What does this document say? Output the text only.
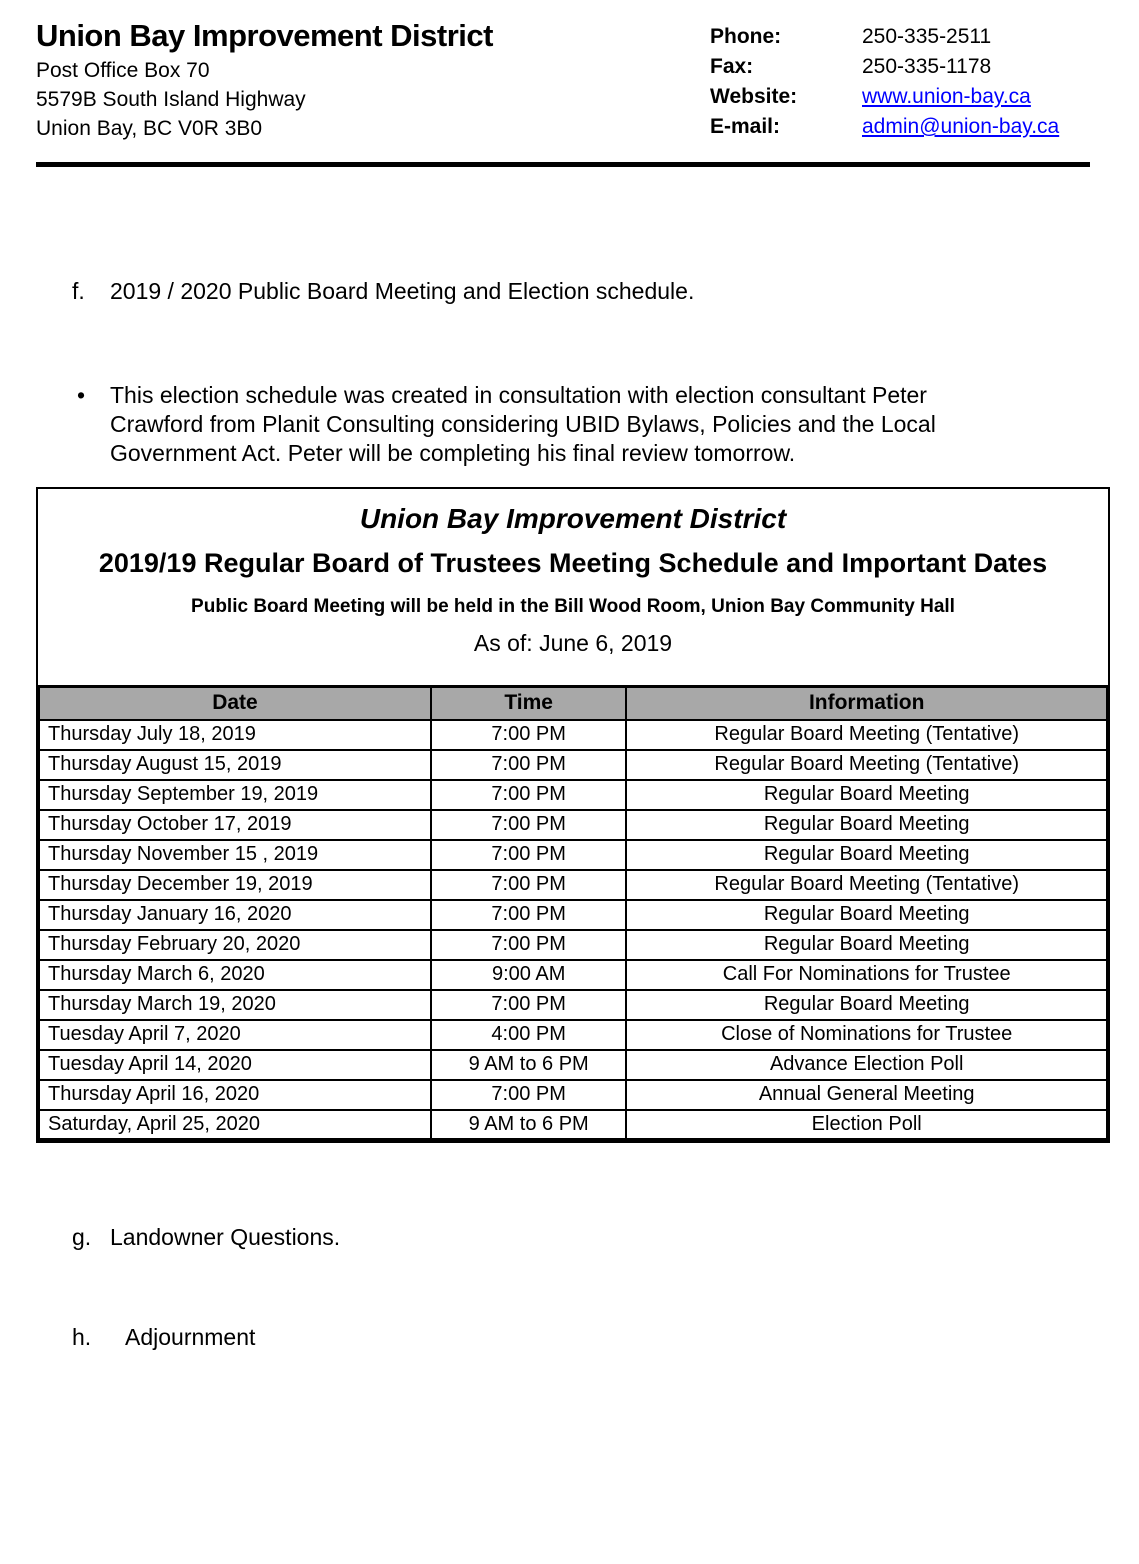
Union Bay Improvement District
Post Office Box 70
5579B South Island Highway
Union Bay, BC V0R 3B0
Phone:	250-335-2511
Fax:	250-335-1178
Website:	www.union-bay.ca
E-mail:	admin@union-bay.ca
f.	2019 / 2020 Public Board Meeting and Election schedule.
•	This election schedule was created in consultation with election consultant Peter
Crawford from Planit Consulting considering UBID Bylaws, Policies and the Local
Government Act. Peter will be completing his final review tomorrow.
Union Bay Improvement District
2019/19 Regular Board of Trustees Meeting Schedule and Important Dates
Public Board Meeting will be held in the Bill Wood Room, Union Bay Community Hall
As of: June 6, 2019
Date	Time	Information
Thursday July 18, 2019	7:00 PM	Regular Board Meeting (Tentative)
Thursday August 15, 2019	7:00 PM	Regular Board Meeting (Tentative)
Thursday September 19, 2019	7:00 PM	Regular Board Meeting
Thursday October 17, 2019	7:00 PM	Regular Board Meeting
Thursday November 15 , 2019	7:00 PM	Regular Board Meeting
Thursday December 19, 2019	7:00 PM	Regular Board Meeting (Tentative)
Thursday January 16, 2020	7:00 PM	Regular Board Meeting
Thursday February 20, 2020	7:00 PM	Regular Board Meeting
Thursday March 6, 2020	9:00 AM	Call For Nominations for Trustee
Thursday March 19, 2020	7:00 PM	Regular Board Meeting
Tuesday April 7, 2020	4:00 PM	Close of Nominations for Trustee
Tuesday April 14, 2020	9 AM to 6 PM	Advance Election Poll
Thursday April 16, 2020	7:00 PM	Annual General Meeting
Saturday, April 25, 2020	9 AM to 6 PM	Election Poll
g. Landowner Questions.
h.	Adjournment
